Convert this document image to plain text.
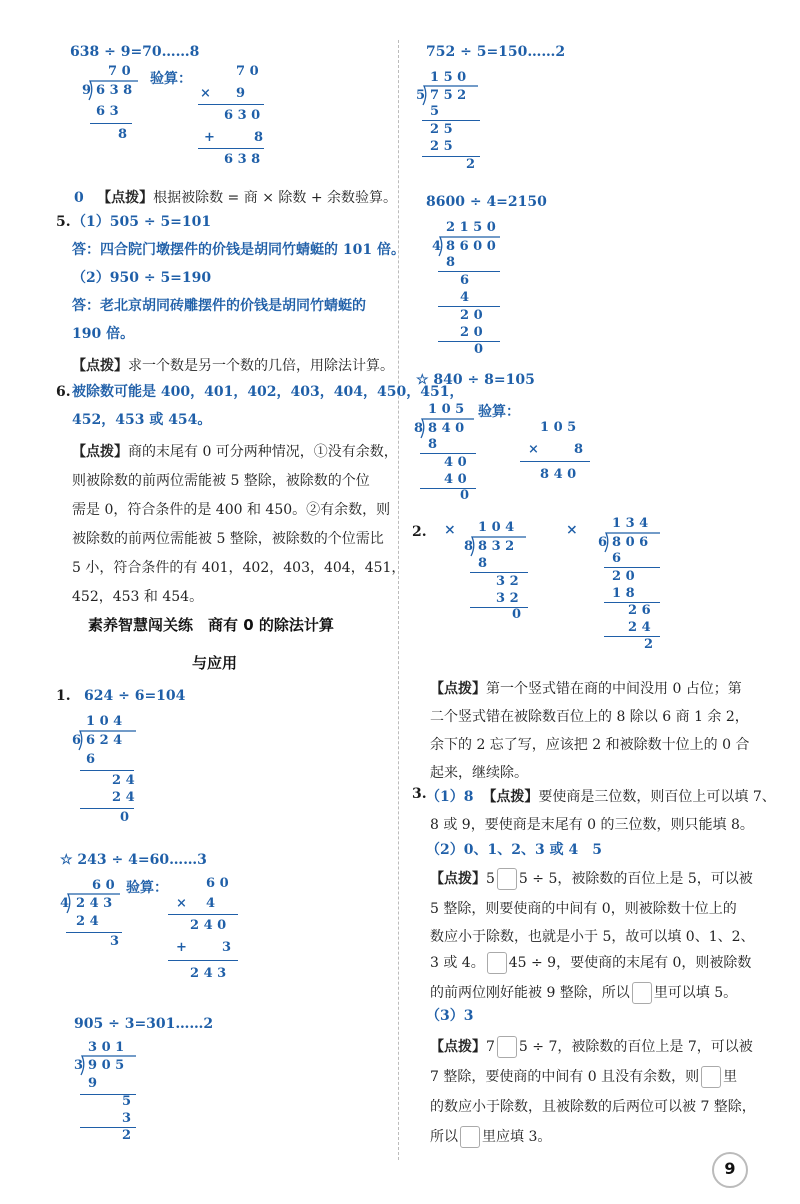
638 ÷ 9=70……8
7 0
9 6 3 8
6 3
8
验算：	7 0
× 9
6 3 0
+	8
6 3 8
0 【点拨】根据被除数 = 商 × 除数 + 余数验算。
5. （1）505 ÷ 5=101
答：四合院门墩摆件的价钱是胡同竹蜻蜓的 101 倍。
（2）950 ÷ 5=190
答：老北京胡同砖雕摆件的价钱是胡同竹蜻蜓的
190 倍。
【点拨】求一个数是另一个数的几倍，用除法计算。
6. 被除数可能是 400，401，402，403，404，450，451，
452，453 或 454。
【点拨】商的末尾有 0 可分两种情况，①没有余数，
则被除数的前两位需能被 5 整除，被除数的个位
需是 0，符合条件的是 400 和 450。②有余数，则
被除数的前两位需能被 5 整除，被除数的个位需比
5 小，符合条件的有 401，402，403，404，451，
452，453 和 454。
素养智慧闯关练　商有 0 的除法计算
与应用
1. 624 ÷ 6=104
1 0 4
6 6 2 4
6
2 4
2 4
0
☆ 243 ÷ 4=60……3
6 0
4 2 4 3
2 4
3
验算：	6 0
× 4
2 4 0
+	3
2 4 3
905 ÷ 3=301……2
3 0 1
3 9 0 5
9
5
3
2
752 ÷ 5=150……2
1 5 0
5 7 5 2
5
2 5
2 5
2
8600 ÷ 4=2150
2 1 5 0
4 8 6 0 0
8
6
4
2 0
2 0
0
☆ 840 ÷ 8=105
1 0 5
8 8 4 0
8
4 0
4 0
0
验算：
1 0 5
×	8
8 4 0
2. × 1 0 4
8 8 3 2
8
3 2
3 2
0
×	1 3 4
6 8 0 6
6
2 0
1 8
2 6
2 4
2
【点拨】第一个竖式错在商的中间没用 0 占位；第
二个竖式错在被除数百位上的 8 除以 6 商 1 余 2，
余下的 2 忘了写，应该把 2 和被除数十位上的 0 合
起来，继续除。
3. （1）8 【点拨】要使商是三位数，则百位上可以填 7、
8 或 9，要使商是末尾有 0 的三位数，则只能填 8。
（2）0、1、2、3 或 4　5
【点拨】5 5 ÷ 5，被除数的百位上是 5，可以被
5 整除，则要使商的中间有 0，则被除数十位上的
数应小于除数，也就是小于 5，故可以填 0、1、2、
3 或 4。 45 ÷ 9，要使商的末尾有 0，则被除数
的前两位刚好能被 9 整除，所以 里可以填 5。
（3）3
【点拨】7 5 ÷ 7，被除数的百位上是 7，可以被
7 整除，要使商的中间有 0 且没有余数，则 里
的数应小于除数，且被除数的后两位可以被 7 整除，
所以 里应填 3。
9
